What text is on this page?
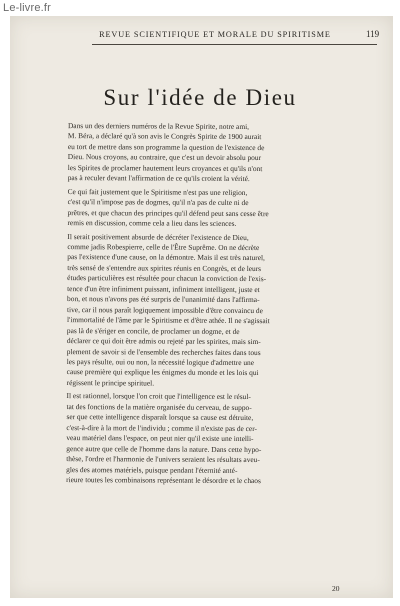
Le-livre.fr
REVUE SCIENTIFIQUE ET MORALE DU SPIRITISME	119
Sur l'idée de Dieu

Dans un des derniers numéros de la Revue Spirite, notre ami,
M. Béra, a déclaré qu'à son avis le Congrès Spirite de 1900 aurait
eu tort de mettre dans son programme la question de l'existence de
Dieu. Nous croyons, au contraire, que c'est un devoir absolu pour
les Spirites de proclamer hautement leurs croyances et qu'ils n'ont
pas à reculer devant l'affirmation de ce qu'ils croient la vérité.

Ce qui fait justement que le Spiritisme n'est pas une religion,
c'est qu'il n'impose pas de dogmes, qu'il n'a pas de culte ni de
prêtres, et que chacun des principes qu'il défend peut sans cesse être
remis en discussion, comme cela a lieu dans les sciences.

Il serait positivement absurde de décréter l'existence de Dieu,
comme jadis Robespierre, celle de l'Être Suprême. On ne décrète
pas l'existence d'une cause, on la démontre. Mais il est très naturel,
très sensé de s'entendre aux spirites réunis en Congrès, et de leurs
études particulières est résultée pour chacun la conviction de l'exis-
tence d'un être infiniment puissant, infiniment intelligent, juste et
bon, et nous n'avons pas été surpris de l'unanimité dans l'affirma-
tive, car il nous paraît logiquement impossible d'être convaincu de
l'immortalité de l'âme par le Spiritisme et d'être athée. Il ne s'agissait
pas là de s'ériger en concile, de proclamer un dogme, et de
déclarer ce qui doit être admis ou rejeté par les spirites, mais sim-
plement de savoir si de l'ensemble des recherches faites dans tous
les pays résulte, oui ou non, la nécessité logique d'admettre une
cause première qui explique les énigmes du monde et les lois qui
régissent le principe spirituel.

Il est rationnel, lorsque l'on croit que l'intelligence est le résul-
tat des fonctions de la matière organisée du cerveau, de suppo-
ser que cette intelligence disparaît lorsque sa cause est détruite,
c'est-à-dire à la mort de l'individu ; comme il n'existe pas de cer-
veau matériel dans l'espace, on peut nier qu'il existe une intelli-
gence autre que celle de l'homme dans la nature. Dans cette hypo-
thèse, l'ordre et l'harmonie de l'univers seraient les résultats aveu-
gles des atomes matériels, puisque pendant l'éternité anté-
rieure toutes les combinaisons représentant le désordre et le chaos

20
